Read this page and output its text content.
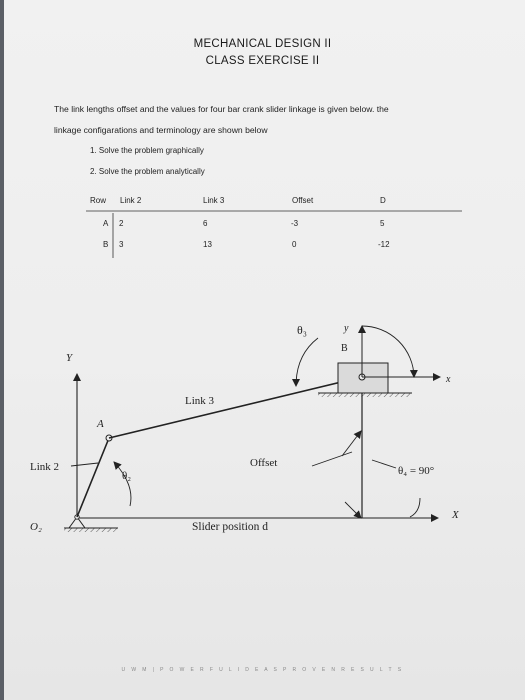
MECHANICAL DESIGN II
CLASS EXERCISE II
The link lengths offset and the values for four bar crank slider linkage is given below. the
linkage configarations and terminology are shown below
1. Solve the problem graphically
2. Solve the problem analytically
Row Link 2	Link 3	Offset	D
A 2	6	-3	5
B 3	13	0	-12
θ₃	y
B
x
Y
Link 3
A
Offset
Link 2
θ₂	θ₄ = 90°
X
O₂	Slider position d
U W M | P O W E R F U L I D E A S P R O V E N R E S U L T S
